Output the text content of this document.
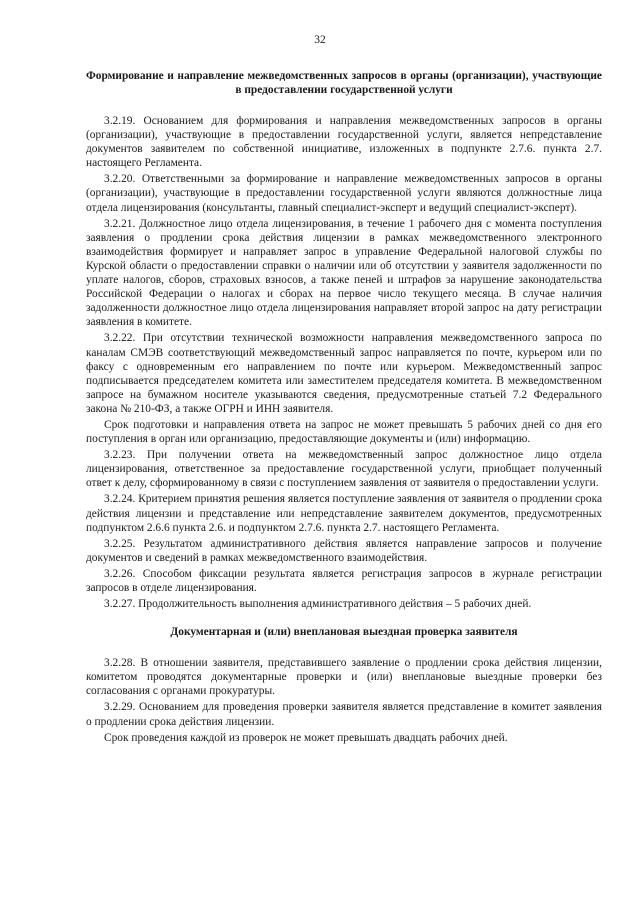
32
Формирование и направление межведомственных запросов в органы (организации), участвующие в предоставлении государственной услуги

3.2.19. Основанием для формирования и направления межведомственных запросов в органы (организации), участвующие в предоставлении государственной услуги, является непредставление документов заявителем по собственной инициативе, изложенных в подпункте 2.7.6. пункта 2.7. настоящего Регламента.

3.2.20. Ответственными за формирование и направление межведомственных запросов в органы (организации), участвующие в предоставлении государственной услуги являются должностные лица отдела лицензирования (консультанты, главный специалист-эксперт и ведущий специалист-эксперт).

3.2.21. Должностное лицо отдела лицензирования, в течение 1 рабочего дня с момента поступления заявления о продлении срока действия лицензии в рамках межведомственного электронного взаимодействия формирует и направляет запрос в управление Федеральной налоговой службы по Курской области о предоставлении справки о наличии или об отсутствии у заявителя задолженности по уплате налогов, сборов, страховых взносов, а также пеней и штрафов за нарушение законодательства Российской Федерации о налогах и сборах на первое число текущего месяца. В случае наличия задолженности должностное лицо отдела лицензирования направляет второй запрос на дату регистрации заявления в комитете.

3.2.22. При отсутствии технической возможности направления межведомственного запроса по каналам СМЭВ соответствующий межведомственный запрос направляется по почте, курьером или по факсу с одновременным его направлением по почте или курьером. Межведомственный запрос подписывается председателем комитета или заместителем председателя комитета. В межведомственном запросе на бумажном носителе указываются сведения, предусмотренные статьей 7.2 Федерального закона № 210-ФЗ, а также ОГРН и ИНН заявителя.

Срок подготовки и направления ответа на запрос не может превышать 5 рабочих дней со дня его поступления в орган или организацию, предоставляющие документы и (или) информацию.

3.2.23. При получении ответа на межведомственный запрос должностное лицо отдела лицензирования, ответственное за предоставление государственной услуги, приобщает полученный ответ к делу, сформированному в связи с поступлением заявления от заявителя о предоставлении услуги.

3.2.24. Критерием принятия решения является поступление заявления от заявителя о продлении срока действия лицензии и представление или непредставление заявителем документов, предусмотренных подпунктом 2.6.6 пункта 2.6. и подпунктом 2.7.6. пункта 2.7. настоящего Регламента.

3.2.25. Результатом административного действия является направление запросов и получение документов и сведений в рамках межведомственного взаимодействия.

3.2.26. Способом фиксации результата является регистрация запросов в журнале регистрации запросов в отделе лицензирования.

3.2.27. Продолжительность выполнения административного действия – 5 рабочих дней.

Документарная и (или) внеплановая выездная проверка заявителя

3.2.28. В отношении заявителя, представившего заявление о продлении срока действия лицензии, комитетом проводятся документарные проверки и (или) внеплановые выездные проверки без согласования с органами прокуратуры.

3.2.29. Основанием для проведения проверки заявителя является представление в комитет заявления о продлении срока действия лицензии.

Срок проведения каждой из проверок не может превышать двадцать рабочих дней.
